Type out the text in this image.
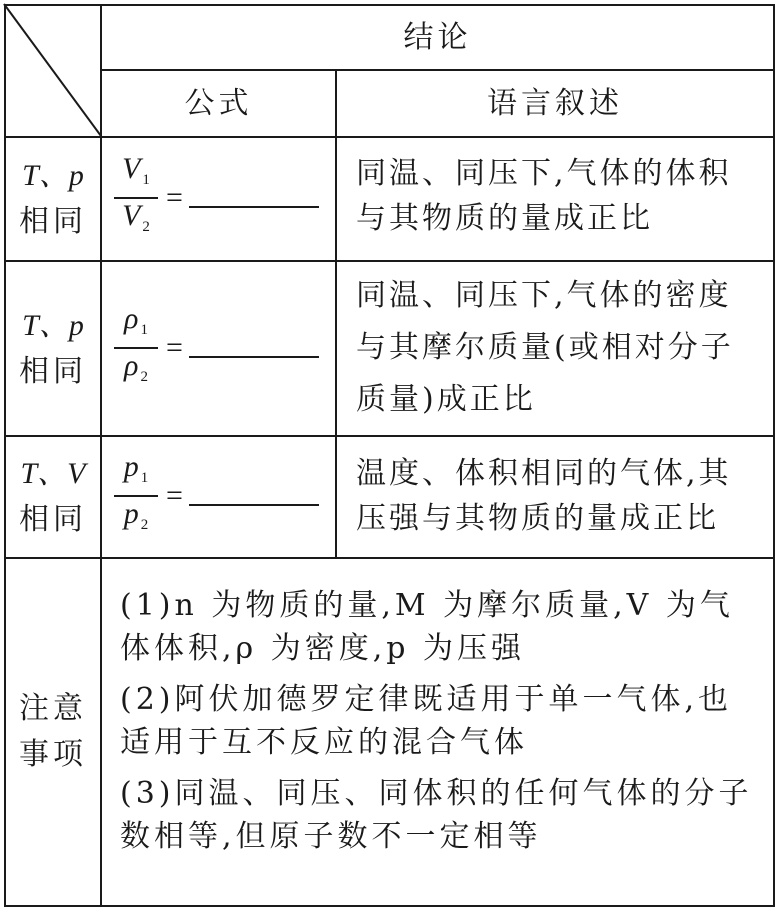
结论
公式	语言叙述
T、p
相同 $\frac{V _1}{V _2}$ =
同温、同压下,气体的体积与其物质的量成正比
T、p
相同 $\frac{\rho _1}{\rho _2}$ =
同温、同压下,气体的密度与其摩尔质量(或相对分子质量)成正比
T、V
相同 $\frac{p _1}{p _2}$ =
温度、体积相同的气体,其压强与其物质的量成正比
注意
事项
(1)n 为物质的量,M 为摩尔质量,V 为气体体积,ρ 为密度,p 为压强
(2)阿伏加德罗定律既适用于单一气体,也适用于互不反应的混合气体
(3)同温、同压、同体积的任何气体的分子数相等,但原子数不一定相等
